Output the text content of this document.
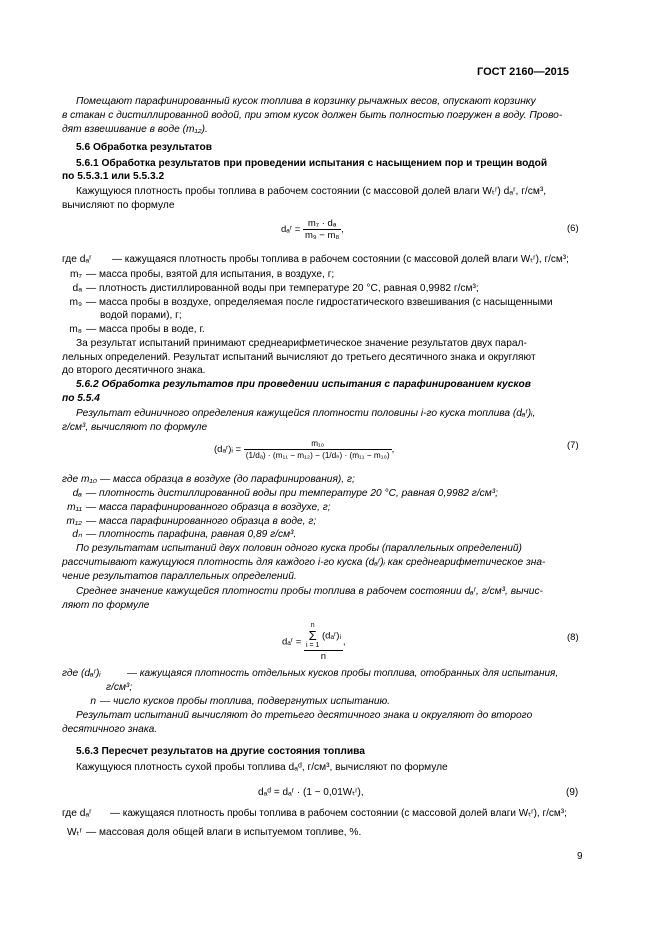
ГОСТ 2160—2015
Помещают парафинированный кусок топлива в корзинку рычажных весов, опускают корзинку
в стакан с дистиллированной водой, при этом кусок должен быть полностью погружен в воду. Прово-
дят взвешивание в воде (m₁₂).
5.6 Обработка результатов
5.6.1 Обработка результатов при проведении испытания с насыщением пор и трещин водой
по 5.5.3.1 или 5.5.3.2
Кажущуюся плотность пробы топлива в рабочем состоянии (с массовой долей влаги Wₜʳ) dₐʳ, г/см³,
вычисляют по формуле
dₐʳ = $\frac{\text{m₇ · dₐ}}{\text{m₉ − m₈}}$ ,	(6)
где dₐʳ — кажущаяся плотность пробы топлива в рабочем состоянии (с массовой долей влаги Wₜʳ), г/см³;
m₇ — масса пробы, взятой для испытания, в воздухе, г;
dₐ — плотность дистиллированной воды при температуре 20 °С, равная 0,9982 г/см³;
m₉ — масса пробы в воздухе, определяемая после гидростатического взвешивания (с насыщенными
водой порами), г;
m₈ — масса пробы в воде, г.
За результат испытаний принимают среднеарифметическое значение результатов двух парал-
лельных определений. Результат испытаний вычисляют до третьего десятичного знака и округляют
до второго десятичного знака.
5.6.2 Обработка результатов при проведении испытания с парафинированием кусков
по 5.5.4
Результат единичного определения кажущейся плотности половины i-го куска топлива (dₐʳ)ᵢ,
г/см³, вычисляют по формуле
(dₐʳ)ᵢ = $\frac{\text{m₁₀}}{\text{(1/dₐ) · (m₁₁ − m₁₂) − (1/dₙ) · (m₁₁ − m₁₀)}}$ ,	(7)
где m₁₀ — масса образца в воздухе (до парафинирования), г;
dₐ — плотность дистиллированной воды при температуре 20 °С, равная 0,9982 г/см³;
m₁₁ — масса парафинированного образца в воздухе, г;
m₁₂ — масса парафинированного образца в воде, г;
dₙ — плотность парафина, равная 0,89 г/см³.
По результатам испытаний двух половин одного куска пробы (параллельных определений)
рассчитывают кажущуюся плотность для каждого i-го куска (dₐʳ)ᵢ как среднеарифметическое зна-
чение результатов параллельных определений.
Среднее значение кажущейся плотности пробы топлива в рабочем состоянии dₐʳ, г/см³, вычис-
ляют по формуле
dₐʳ = n
Σ
i = 1
(dₐʳ)ᵢ
n ,	(8)
где (dₐʳ)ᵢ	— кажущаяся плотность отдельных кусков пробы топлива, отобранных для испытания,
г/см³;
n — число кусков пробы топлива, подвергнутых испытанию.
Результат испытаний вычисляют до третьего десятичного знака и округляют до второго
десятичного знака.
5.6.3 Пересчет результатов на другие состояния топлива
Кажущуюся плотность сухой пробы топлива dₐᵈ, г/см³, вычисляют по формуле
dₐᵈ = dₐʳ · (1 − 0,01Wₜʳ),	(9)
где dₐʳ — кажущаяся плотность пробы топлива в рабочем состоянии (с массовой долей влаги Wₜʳ), г/см³;
Wₜʳ — массовая доля общей влаги в испытуемом топливе, %.
9
